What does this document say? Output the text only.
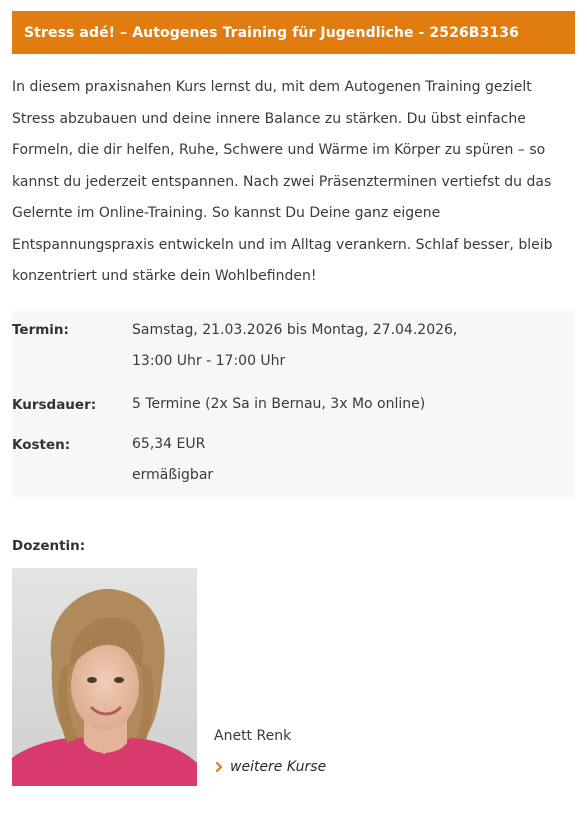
Stress adé! – Autogenes Training für Jugendliche - 2526B3136

In diesem praxisnahen Kurs lernst du, mit dem Autogenen Training gezielt Stress abzubauen und deine innere Balance zu stärken. Du übst einfache Formeln, die dir helfen, Ruhe, Schwere und Wärme im Körper zu spüren – so kannst du jederzeit entspannen. Nach zwei Präsenzterminen vertiefst du das Gelernte im Online-Training. So kannst Du Deine ganz eigene Entspannungspraxis entwickeln und im Alltag verankern. Schlaf besser, bleib konzentriert und stärke dein Wohlbefinden!

Termin:	Samstag, 21.03.2026 bis Montag, 27.04.2026,
13:00 Uhr - 17:00 Uhr
Kursdauer:	5 Termine (2x Sa in Bernau, 3x Mo online)
Kosten:	65,34 EUR
ermäßigbar
Dozentin:
Anett Renk
weitere Kurse
